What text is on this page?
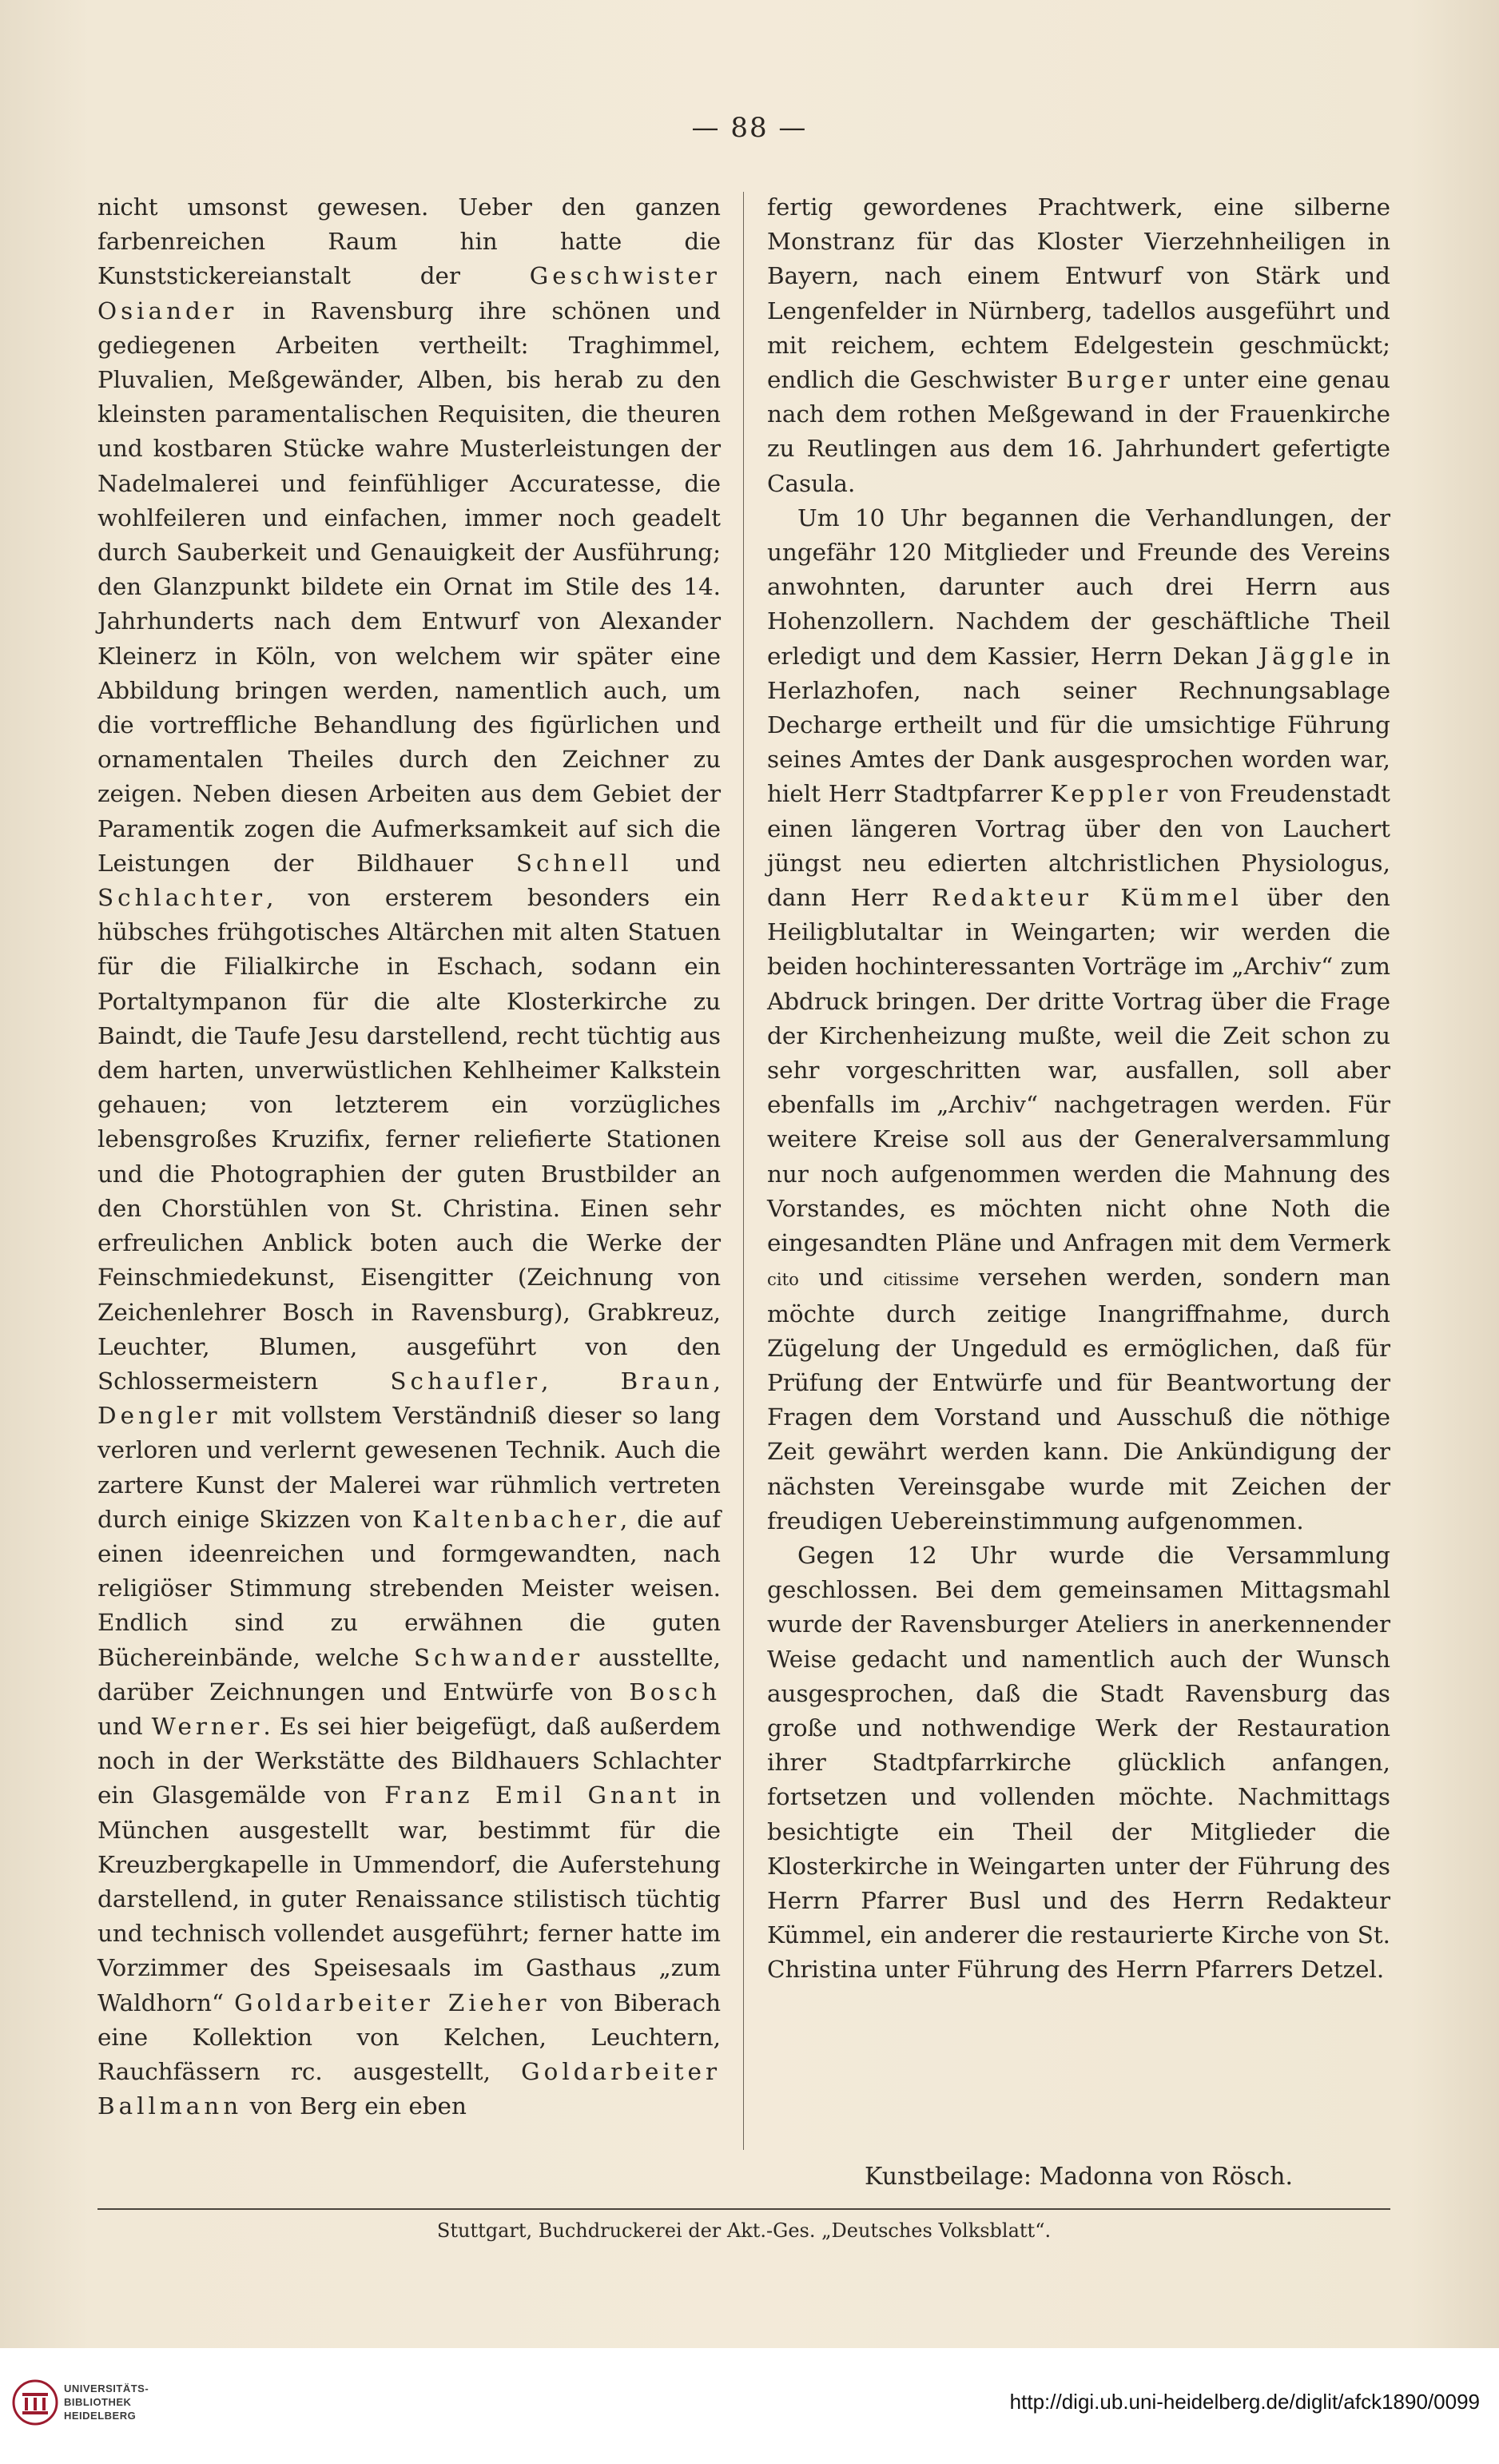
— 88 —

nicht umsonst gewesen. Ueber den ganzen farbenreichen Raum hin hatte die Kunststickereianstalt der Geschwister Osiander in Ravensburg ihre schönen und gediegenen Arbeiten vertheilt: Traghimmel, Pluvalien, Meßgewänder, Alben, bis herab zu den kleinsten paramentalischen Requisiten, die theuren und kostbaren Stücke wahre Musterleistungen der Nadelmalerei und feinfühliger Accuratesse, die wohlfeileren und einfachen, immer noch geadelt durch Sauberkeit und Genauigkeit der Ausführung; den Glanzpunkt bildete ein Ornat im Stile des 14. Jahrhunderts nach dem Entwurf von Alexander Kleinerz in Köln, von welchem wir später eine Abbildung bringen werden, namentlich auch, um die vortreffliche Behandlung des figürlichen und ornamentalen Theiles durch den Zeichner zu zeigen. Neben diesen Arbeiten aus dem Gebiet der Paramentik zogen die Aufmerksamkeit auf sich die Leistungen der Bildhauer Schnell und Schlachter, von ersterem besonders ein hübsches frühgotisches Altärchen mit alten Statuen für die Filialkirche in Eschach, sodann ein Portaltympanon für die alte Klosterkirche zu Baindt, die Taufe Jesu darstellend, recht tüchtig aus dem harten, unverwüstlichen Kehlheimer Kalkstein gehauen; von letzterem ein vorzügliches lebensgroßes Kruzifix, ferner reliefierte Stationen und die Photographien der guten Brustbilder an den Chorstühlen von St. Christina. Einen sehr erfreulichen Anblick boten auch die Werke der Feinschmiedekunst, Eisengitter (Zeichnung von Zeichenlehrer Bosch in Ravensburg), Grabkreuz, Leuchter, Blumen, ausgeführt von den Schlossermeistern Schaufler, Braun, Dengler mit vollstem Verständniß dieser so lang verloren und verlernt gewesenen Technik. Auch die zartere Kunst der Malerei war rühmlich vertreten durch einige Skizzen von Kaltenbacher, die auf einen ideenreichen und formgewandten, nach religiöser Stimmung strebenden Meister weisen. Endlich sind zu erwähnen die guten Büchereinbände, welche Schwander ausstellte, darüber Zeichnungen und Entwürfe von Bosch und Werner. Es sei hier beigefügt, daß außerdem noch in der Werkstätte des Bildhauers Schlachter ein Glasgemälde von Franz Emil Gnant in München ausgestellt war, bestimmt für die Kreuzbergkapelle in Ummendorf, die Auferstehung darstellend, in guter Renaissance stilistisch tüchtig und technisch vollendet ausgeführt; ferner hatte im Vorzimmer des Speisesaals im Gasthaus „zum Waldhorn“ Goldarbeiter Zieher von Biberach eine Kollektion von Kelchen, Leuchtern, Rauchfässern rc. ausgestellt, Goldarbeiter Ballmann von Berg ein eben

fertig gewordenes Prachtwerk, eine silberne Monstranz für das Kloster Vierzehnheiligen in Bayern, nach einem Entwurf von Stärk und Lengenfelder in Nürnberg, tadellos ausgeführt und mit reichem, echtem Edelgestein geschmückt; endlich die Geschwister Burger unter eine genau nach dem rothen Meßgewand in der Frauenkirche zu Reutlingen aus dem 16. Jahrhundert gefertigte Casula.

Um 10 Uhr begannen die Verhandlungen, der ungefähr 120 Mitglieder und Freunde des Vereins anwohnten, darunter auch drei Herrn aus Hohenzollern. Nachdem der geschäftliche Theil erledigt und dem Kassier, Herrn Dekan Jäggle in Herlazhofen, nach seiner Rechnungsablage Decharge ertheilt und für die umsichtige Führung seines Amtes der Dank ausgesprochen worden war, hielt Herr Stadtpfarrer Keppler von Freudenstadt einen längeren Vortrag über den von Lauchert jüngst neu edierten altchristlichen Physiologus, dann Herr Redakteur Kümmel über den Heiligblutaltar in Weingarten; wir werden die beiden hochinteressanten Vorträge im „Archiv“ zum Abdruck bringen. Der dritte Vortrag über die Frage der Kirchenheizung mußte, weil die Zeit schon zu sehr vorgeschritten war, ausfallen, soll aber ebenfalls im „Archiv“ nachgetragen werden. Für weitere Kreise soll aus der Generalversammlung nur noch aufgenommen werden die Mahnung des Vorstandes, es möchten nicht ohne Noth die eingesandten Pläne und Anfragen mit dem Vermerk cito und citissime versehen werden, sondern man möchte durch zeitige Inangriffnahme, durch Zügelung der Ungeduld es ermöglichen, daß für Prüfung der Entwürfe und für Beantwortung der Fragen dem Vorstand und Ausschuß die nöthige Zeit gewährt werden kann. Die Ankündigung der nächsten Vereinsgabe wurde mit Zeichen der freudigen Uebereinstimmung aufgenommen.

Gegen 12 Uhr wurde die Versammlung geschlossen. Bei dem gemeinsamen Mittagsmahl wurde der Ravensburger Ateliers in anerkennender Weise gedacht und namentlich auch der Wunsch ausgesprochen, daß die Stadt Ravensburg das große und nothwendige Werk der Restauration ihrer Stadtpfarrkirche glücklich anfangen, fortsetzen und vollenden möchte. Nachmittags besichtigte ein Theil der Mitglieder die Klosterkirche in Weingarten unter der Führung des Herrn Pfarrer Busl und des Herrn Redakteur Kümmel, ein anderer die restaurierte Kirche von St. Christina unter Führung des Herrn Pfarrers Detzel.

Kunstbeilage: Madonna von Rösch.
Stuttgart, Buchdruckerei der Akt.-Ges. „Deutsches Volksblatt“.
UNIVERSITÄTS-
BIBLIOTHEK
HEIDELBERG
http://digi.ub.uni-heidelberg.de/diglit/afck1890/0099
